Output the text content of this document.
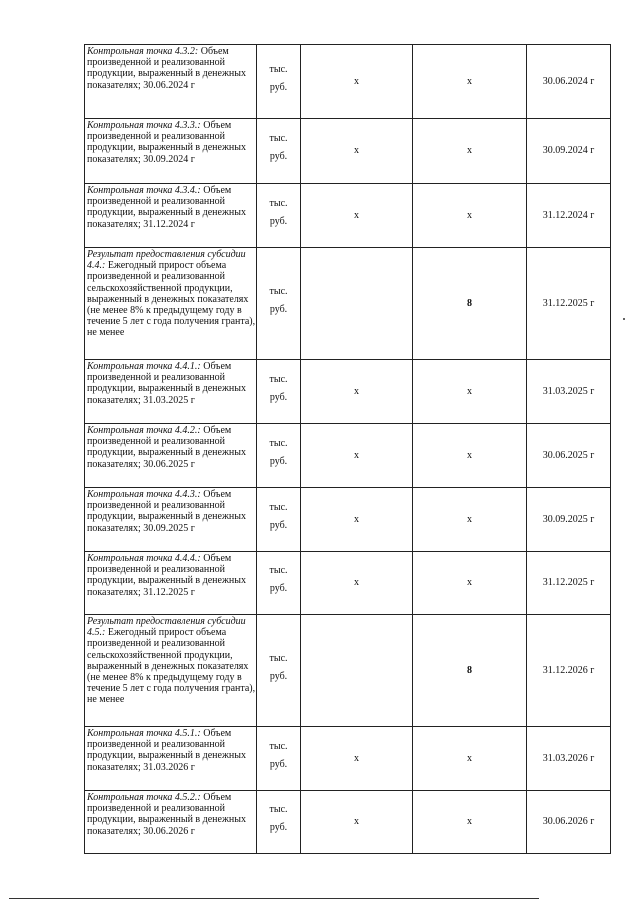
Контрольная точка 4.3.2: Объем произведенной и реализованной продукции, выраженный в денежных показателях; 30.06.2024 г	тыс.
руб.	х	х	30.06.2024 г

Контрольная точка 4.3.3.: Объем произведенной и реализованной продукции, выраженный в денежных показателях; 30.09.2024 г	тыс.
руб.	х	х	30.09.2024 г

Контрольная точка 4.3.4.: Объем произведенной и реализованной продукции, выраженный в денежных показателях; 31.12.2024 г	тыс.
руб.	х	х	31.12.2024 г

Результат предоставления субсидии 4.4.: Ежегодный прирост объема произведенной и реализованной сельскохозяйственной продукции, выраженный в денежных показателях (не менее 8% к предыдущему году в течение 5 лет с года получения гранта), не менее	тыс.
руб.		8	31.12.2025 г

Контрольная точка 4.4.1.: Объем произведенной и реализованной продукции, выраженный в денежных показателях; 31.03.2025 г	тыс.
руб.	х	х	31.03.2025 г

Контрольная точка 4.4.2.: Объем произведенной и реализованной продукции, выраженный в денежных показателях; 30.06.2025 г	тыс.
руб.	х	х	30.06.2025 г

Контрольная точка 4.4.3.: Объем произведенной и реализованной продукции, выраженный в денежных показателях; 30.09.2025 г	тыс.
руб.	х	х	30.09.2025 г

Контрольная точка 4.4.4.: Объем произведенной и реализованной продукции, выраженный в денежных показателях; 31.12.2025 г	тыс.
руб.	х	х	31.12.2025 г

Результат предоставления субсидии 4.5.: Ежегодный прирост объема произведенной и реализованной сельскохозяйственной продукции, выраженный в денежных показателях (не менее 8% к предыдущему году в течение 5 лет с года получения гранта), не менее	тыс.
руб.		8	31.12.2026 г

Контрольная точка 4.5.1.: Объем произведенной и реализованной продукции, выраженный в денежных показателях; 31.03.2026 г	тыс.
руб.	х	х	31.03.2026 г

Контрольная точка 4.5.2.: Объем произведенной и реализованной продукции, выраженный в денежных показателях; 30.06.2026 г	тыс.
руб.	х	х	30.06.2026 г
